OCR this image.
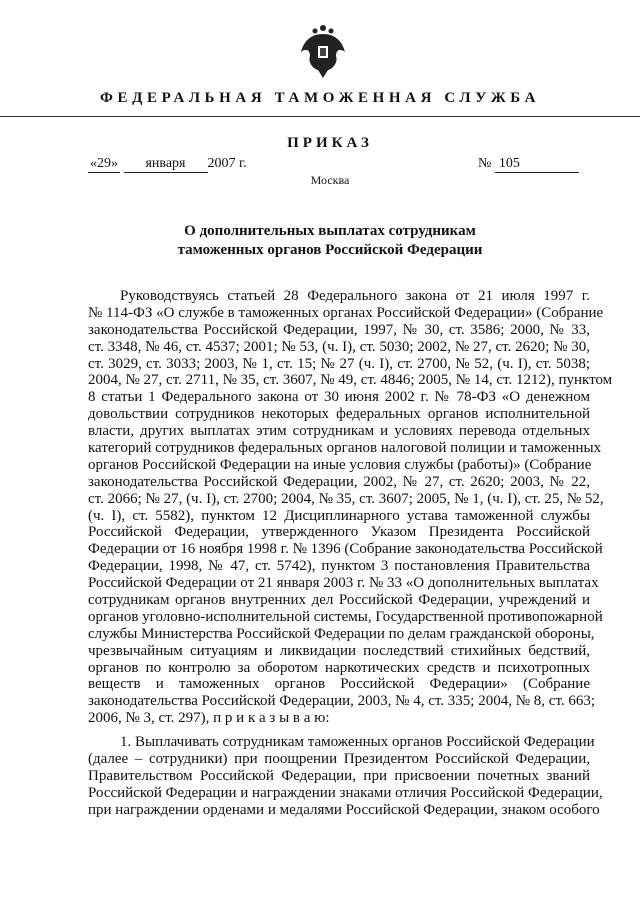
ФЕДЕРАЛЬНАЯ ТАМОЖЕННАЯ СЛУЖБА
ПРИКАЗ
«29» января 2007 г.	№ 105
Москва
О дополнительных выплатах сотрудникам
таможенных органов Российской Федерации
Руководствуясь статьей 28 Федерального закона от 21 июля 1997 г.
№ 114-ФЗ «О службе в таможенных органах Российской Федерации» (Собрание
законодательства Российской Федерации, 1997, № 30, ст. 3586; 2000, № 33,
ст. 3348, № 46, ст. 4537; 2001; № 53, (ч. I), ст. 5030; 2002, № 27, ст. 2620; № 30,
ст. 3029, ст. 3033; 2003, № 1, ст. 15; № 27 (ч. I), ст. 2700, № 52, (ч. I), ст. 5038;
2004, № 27, ст. 2711, № 35, ст. 3607, № 49, ст. 4846; 2005, № 14, ст. 1212), пунктом
8 статьи 1 Федерального закона от 30 июня 2002 г. № 78-ФЗ «О денежном
довольствии сотрудников некоторых федеральных органов исполнительной
власти, других выплатах этим сотрудникам и условиях перевода отдельных
категорий сотрудников федеральных органов налоговой полиции и таможенных
органов Российской Федерации на иные условия службы (работы)» (Собрание
законодательства Российской Федерации, 2002, № 27, ст. 2620; 2003, № 22,
ст. 2066; № 27, (ч. I), ст. 2700; 2004, № 35, ст. 3607; 2005, № 1, (ч. I), ст. 25, № 52,
(ч. I), ст. 5582), пунктом 12 Дисциплинарного устава таможенной службы
Российской Федерации, утвержденного Указом Президента Российской
Федерации от 16 ноября 1998 г. № 1396 (Собрание законодательства Российской
Федерации, 1998, № 47, ст. 5742), пунктом 3 постановления Правительства
Российской Федерации от 21 января 2003 г. № 33 «О дополнительных выплатах
сотрудникам органов внутренних дел Российской Федерации, учреждений и
органов уголовно-исполнительной системы, Государственной противопожарной
службы Министерства Российской Федерации по делам гражданской обороны,
чрезвычайным ситуациям и ликвидации последствий стихийных бедствий,
органов по контролю за оборотом наркотических средств и психотропных
веществ и таможенных органов Российской Федерации» (Собрание
законодательства Российской Федерации, 2003, № 4, ст. 335; 2004, № 8, ст. 663;
2006, № 3, ст. 297), п р и к а з ы в а ю:
1. Выплачивать сотрудникам таможенных органов Российской Федерации
(далее – сотрудники) при поощрении Президентом Российской Федерации,
Правительством Российской Федерации, при присвоении почетных званий
Российской Федерации и награждении знаками отличия Российской Федерации,
при награждении орденами и медалями Российской Федерации, знаком особого
